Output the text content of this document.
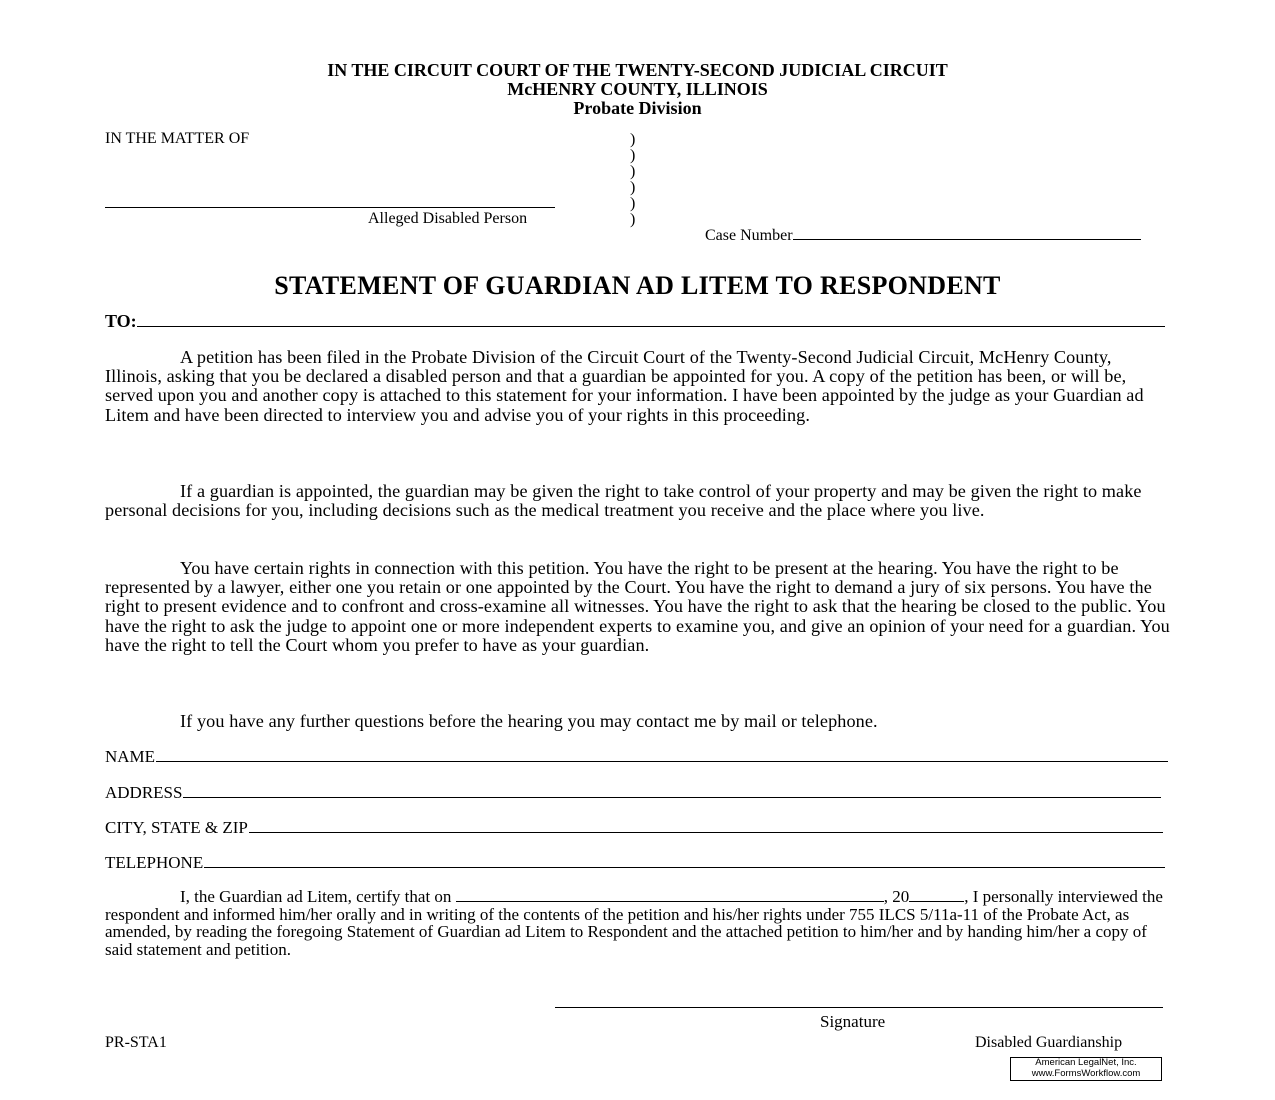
IN THE CIRCUIT COURT OF THE TWENTY-SECOND JUDICIAL CIRCUIT
McHENRY COUNTY, ILLINOIS
Probate Division
IN THE MATTER OF
Alleged Disabled Person
)
)
)
)
)
)
Case Number
STATEMENT OF GUARDIAN AD LITEM TO RESPONDENT
TO:
A petition has been filed in the Probate Division of the Circuit Court of the Twenty-Second Judicial Circuit, McHenry County, Illinois, asking that you be declared a disabled person and that a guardian be appointed for you. A copy of the petition has been, or will be, served upon you and another copy is attached to this statement for your information. I have been appointed by the judge as your Guardian ad Litem and have been directed to interview you and advise you of your rights in this proceeding.
If a guardian is appointed, the guardian may be given the right to take control of your property and may be given the right to make personal decisions for you, including decisions such as the medical treatment you receive and the place where you live.
You have certain rights in connection with this petition. You have the right to be present at the hearing. You have the right to be represented by a lawyer, either one you retain or one appointed by the Court. You have the right to demand a jury of six persons. You have the right to present evidence and to confront and cross-examine all witnesses. You have the right to ask that the hearing be closed to the public. You have the right to ask the judge to appoint one or more independent experts to examine you, and give an opinion of your need for a guardian. You have the right to tell the Court whom you prefer to have as your guardian.
If you have any further questions before the hearing you may contact me by mail or telephone.
NAME
ADDRESS
CITY, STATE & ZIP
TELEPHONE
I, the Guardian ad Litem, certify that on	, 20	, I personally interviewed the respondent and informed him/her orally and in writing of the contents of the petition and his/her rights under 755 ILCS 5/11a-11 of the Probate Act, as amended, by reading the foregoing Statement of Guardian ad Litem to Respondent and the attached petition to him/her and by handing him/her a copy of said statement and petition.
Signature
PR-STA1	Disabled Guardianship
American LegalNet, Inc.
www.FormsWorkflow.com
